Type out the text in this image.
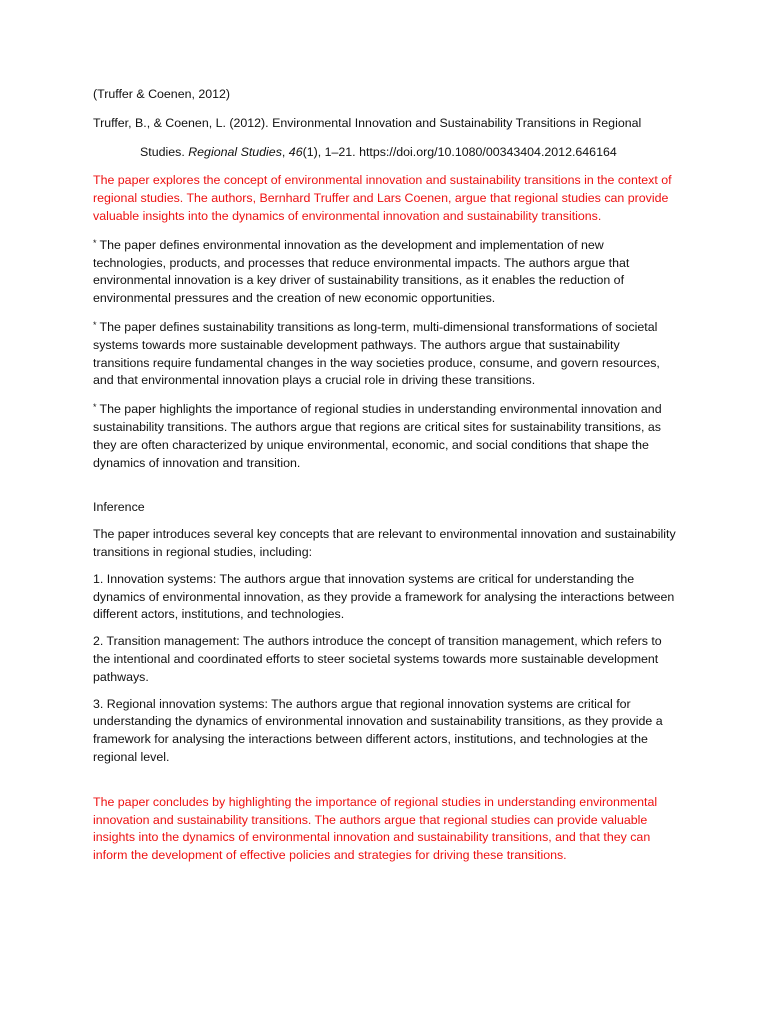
(Truffer & Coenen, 2012)

Truffer, B., & Coenen, L. (2012). Environmental Innovation and Sustainability Transitions in Regional

Studies. Regional Studies, 46(1), 1–21. https://doi.org/10.1080/00343404.2012.646164

The paper explores the concept of environmental innovation and sustainability transitions in the context of regional studies. The authors, Bernhard Truffer and Lars Coenen, argue that regional studies can provide valuable insights into the dynamics of environmental innovation and sustainability transitions.

* The paper defines environmental innovation as the development and implementation of new technologies, products, and processes that reduce environmental impacts. The authors argue that environmental innovation is a key driver of sustainability transitions, as it enables the reduction of environmental pressures and the creation of new economic opportunities.

* The paper defines sustainability transitions as long-term, multi-dimensional transformations of societal systems towards more sustainable development pathways. The authors argue that sustainability transitions require fundamental changes in the way societies produce, consume, and govern resources, and that environmental innovation plays a crucial role in driving these transitions.

* The paper highlights the importance of regional studies in understanding environmental innovation and sustainability transitions. The authors argue that regions are critical sites for sustainability transitions, as they are often characterized by unique environmental, economic, and social conditions that shape the dynamics of innovation and transition.

Inference

The paper introduces several key concepts that are relevant to environmental innovation and sustainability transitions in regional studies, including:

1. Innovation systems: The authors argue that innovation systems are critical for understanding the dynamics of environmental innovation, as they provide a framework for analysing the interactions between different actors, institutions, and technologies.

2. Transition management: The authors introduce the concept of transition management, which refers to the intentional and coordinated efforts to steer societal systems towards more sustainable development pathways.

3. Regional innovation systems: The authors argue that regional innovation systems are critical for understanding the dynamics of environmental innovation and sustainability transitions, as they provide a framework for analysing the interactions between different actors, institutions, and technologies at the regional level.

The paper concludes by highlighting the importance of regional studies in understanding environmental innovation and sustainability transitions. The authors argue that regional studies can provide valuable insights into the dynamics of environmental innovation and sustainability transitions, and that they can inform the development of effective policies and strategies for driving these transitions.
